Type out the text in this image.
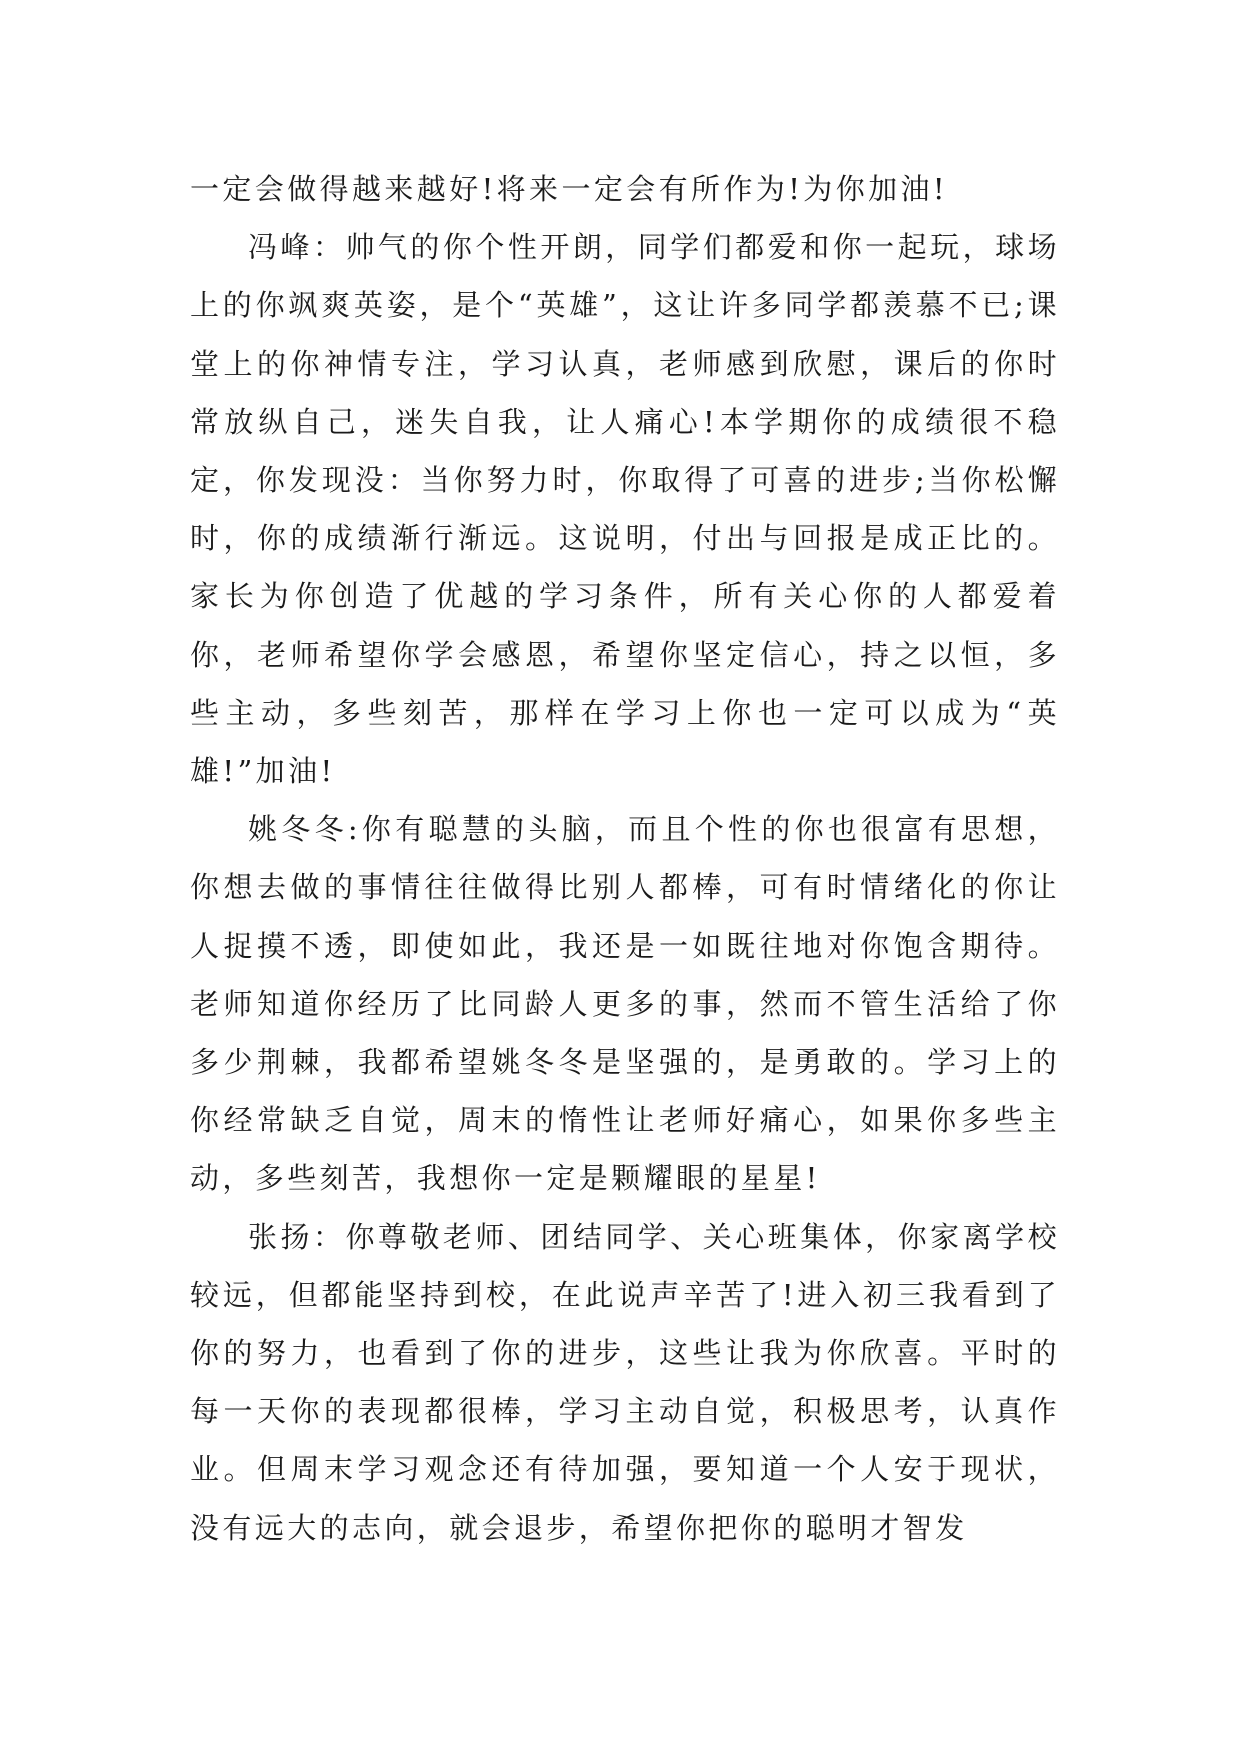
一定会做得越来越好!将来一定会有所作为!为你加油!

冯峰：帅气的你个性开朗，同学们都爱和你一起玩，球场上的你飒爽英姿，是个“英雄”，这让许多同学都羡慕不已;课堂上的你神情专注，学习认真，老师感到欣慰，课后的你时常放纵自己，迷失自我，让人痛心!本学期你的成绩很不稳定，你发现没：当你努力时，你取得了可喜的进步;当你松懈时，你的成绩渐行渐远。这说明，付出与回报是成正比的。家长为你创造了优越的学习条件，所有关心你的人都爱着你，老师希望你学会感恩，希望你坚定信心，持之以恒，多些主动，多些刻苦，那样在学习上你也一定可以成为“英雄!”加油!

姚冬冬:你有聪慧的头脑，而且个性的你也很富有思想，你想去做的事情往往做得比别人都棒，可有时情绪化的你让人捉摸不透，即使如此，我还是一如既往地对你饱含期待。老师知道你经历了比同龄人更多的事，然而不管生活给了你多少荆棘，我都希望姚冬冬是坚强的，是勇敢的。学习上的你经常缺乏自觉，周末的惰性让老师好痛心，如果你多些主动，多些刻苦，我想你一定是颗耀眼的星星!

张扬：你尊敬老师、团结同学、关心班集体，你家离学校较远，但都能坚持到校，在此说声辛苦了!进入初三我看到了你的努力，也看到了你的进步，这些让我为你欣喜。平时的每一天你的表现都很棒，学习主动自觉，积极思考，认真作业。但周末学习观念还有待加强，要知道一个人安于现状，没有远大的志向，就会退步，希望你把你的聪明才智发
